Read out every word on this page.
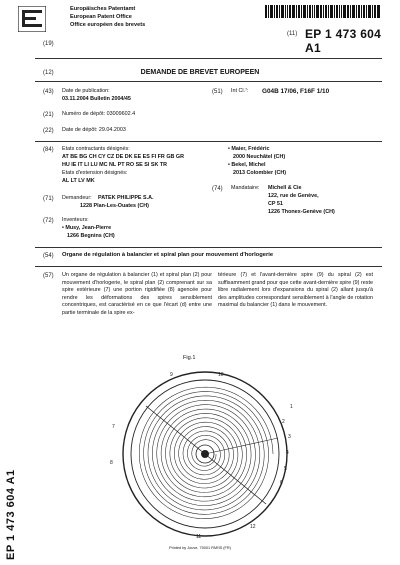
(19)
Europäisches Patentamt
European Patent Office
Office européen des brevets
(11) EP 1 473 604 A1
(12)	DEMANDE DE BREVET EUROPEEN
(43) Date de publication:
03.11.2004 Bulletin 2004/45
(51) Int Cl.⁷: G04B 17/06, F16F 1/10
(21) Numéro de dépôt: 03009602.4
(22) Date de dépôt: 29.04.2003
(84) Etats contractants désignés:
AT BE BG CH CY CZ DE DK EE ES FI FR GB GR
HU IE IT LI LU MC NL PT RO SE SI SK TR
Etats d'extension désignés:
AL LT LV MK
(71) Demandeur: PATEK PHILIPPE S.A.
1228 Plan-Les-Ouates (CH)
(72) Inventeurs:
• Musy, Jean-Pierre
1266 Begnins (CH)
• Maier, Frédéric
2000 Neuchâtel (CH)
• Bekel, Michel
2013 Colombier (CH)
(74) Mandataire: Michell & Cie
122, rue de Genève,
CP 51
1226 Thonex-Genève (CH)
(54) Organe de régulation à balancier et spiral plan pour mouvement d'horlogerie
(57) Un organe de régulation à balancier (1) et spiral plan (2) pour mouvement d'horlogerie, le spiral plan (2) comprenant sur sa spire extérieure (7) une portion rigidifiée (8) agencée pour rendre les déformations des spires sensiblement concentriques, est caractérisé en ce que l'écart (d) entre une partie terminale de la spire ex-
térieure (7) et l'avant-dernière spire (9) du spiral (2) est suffisamment grand pour que cette avant-dernière spire (9) reste libre radialement lors d'expansions du spiral (2) allant jusqu'à des amplitudes correspondant sensiblement à l'angle de rotation maximal du balancier (1) dans le mouvement.
Fig.1
1
2
3
4
5
6
7
8
9	10
11
12
EP 1 473 604 A1	Printed by Jouve, 75001 PARIS (FR)
